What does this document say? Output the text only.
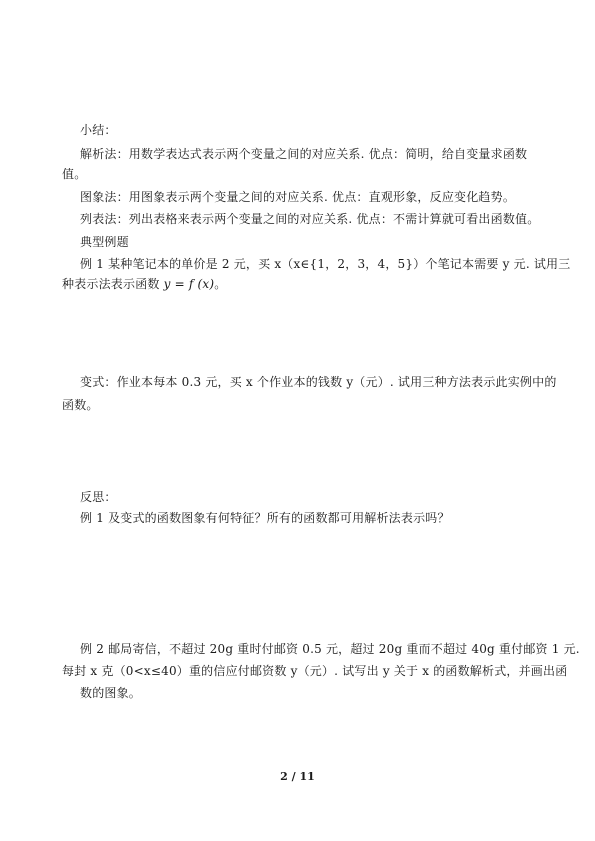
小结：
解析法：用数学表达式表示两个变量之间的对应关系. 优点：简明，给自变量求函数
值。
图象法：用图象表示两个变量之间的对应关系. 优点：直观形象，反应变化趋势。
列表法：列出表格来表示两个变量之间的对应关系. 优点：不需计算就可看出函数值。
典型例题
例 1 某种笔记本的单价是 2 元，买 x（x∈{1，2，3，4，5}）个笔记本需要 y 元. 试用三
种表示法表示函数 y = f (x)。
变式：作业本每本 0.3 元，买 x 个作业本的钱数 y（元）. 试用三种方法表示此实例中的
函数。
反思：
例 1 及变式的函数图象有何特征？所有的函数都可用解析法表示吗？
例 2 邮局寄信，不超过 20g 重时付邮资 0.5 元，超过 20g 重而不超过 40g 重付邮资 1 元.
每封 x 克（0<x≤40）重的信应付邮资数 y（元）. 试写出 y 关于 x 的函数解析式，并画出函
数的图象。
2 / 11
